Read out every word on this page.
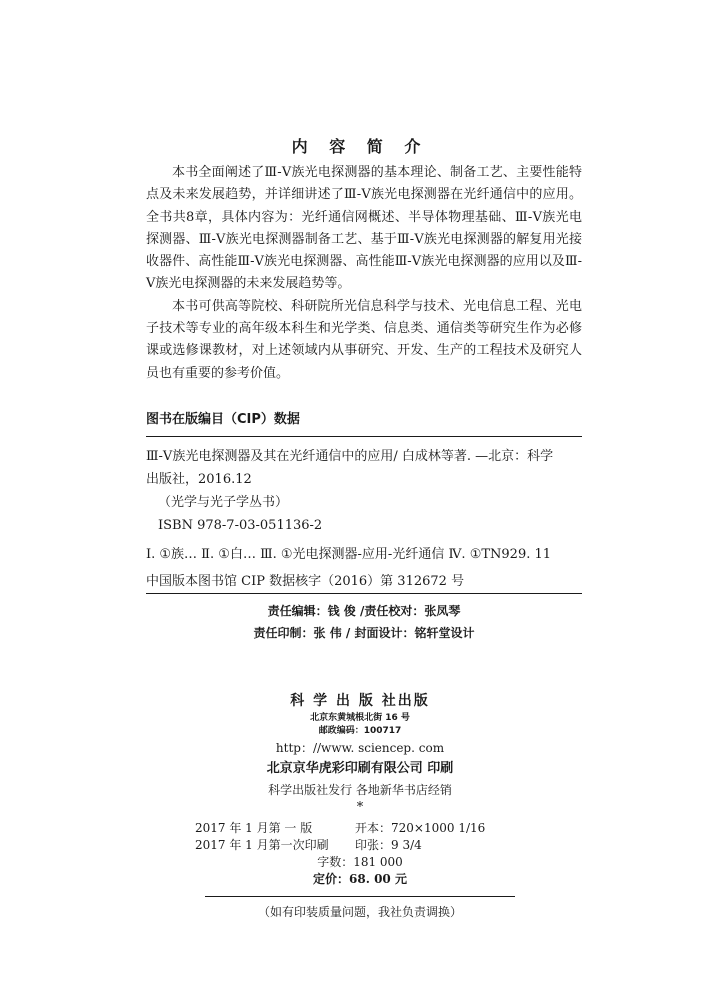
内 容 简 介

本书全面阐述了Ⅲ-Ⅴ族光电探测器的基本理论、制备工艺、主要性能特点及未来发展趋势，并详细讲述了Ⅲ-Ⅴ族光电探测器在光纤通信中的应用。全书共8章，具体内容为：光纤通信网概述、半导体物理基础、Ⅲ-Ⅴ族光电探测器、Ⅲ-Ⅴ族光电探测器制备工艺、基于Ⅲ-Ⅴ族光电探测器的解复用光接收器件、高性能Ⅲ-Ⅴ族光电探测器、高性能Ⅲ-Ⅴ族光电探测器的应用以及Ⅲ-Ⅴ族光电探测器的未来发展趋势等。

本书可供高等院校、科研院所光信息科学与技术、光电信息工程、光电子技术等专业的高年级本科生和光学类、信息类、通信类等研究生作为必修课或选修课教材，对上述领域内从事研究、开发、生产的工程技术及研究人员也有重要的参考价值。

图书在版编目（CIP）数据
Ⅲ-Ⅴ族光电探测器及其在光纤通信中的应用/ 白成林等著. —北京：科学
出版社，2016.12
（光学与光子学丛书）
ISBN 978-7-03-051136-2
Ⅰ. ①族… Ⅱ. ①白… Ⅲ. ①光电探测器-应用-光纤通信 Ⅳ. ①TN929. 11
中国版本图书馆 CIP 数据核字（2016）第 312672 号
责任编辑：钱 俊 /责任校对：张凤琴
责任印制：张 伟 / 封面设计：铭轩堂设计
科 学 出 版 社出版
北京东黄城根北街 16 号
邮政编码：100717
http：//www. sciencep. com
北京京华虎彩印刷有限公司 印刷
科学出版社发行 各地新华书店经销
*
2017 年 1 月第 一 版	开本：720×1000 1/16
2017 年 1 月第一次印刷	印张：9 3/4
字数：181 000
定价：68. 00 元
（如有印装质量问题，我社负责调换）
